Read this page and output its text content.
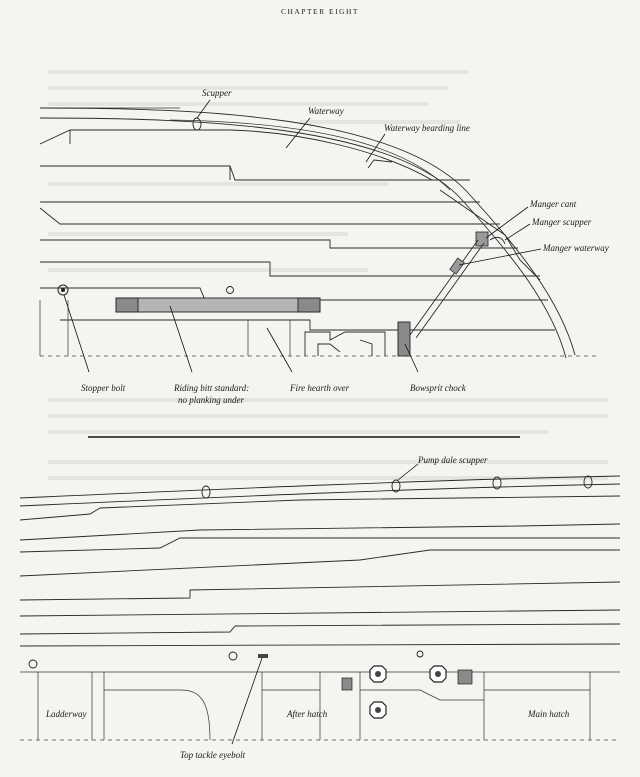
CHAPTER EIGHT
Scupper
Waterway
Waterway bearding line
Manger cant
Manger scupper
Manger waterway
Stopper bolt	Riding bitt standard:
no planking under
Fire hearth over	Bowsprit chock
Pump dale scupper
Ladderway	After hatch	Main hatch
Top tackle eyebolt
